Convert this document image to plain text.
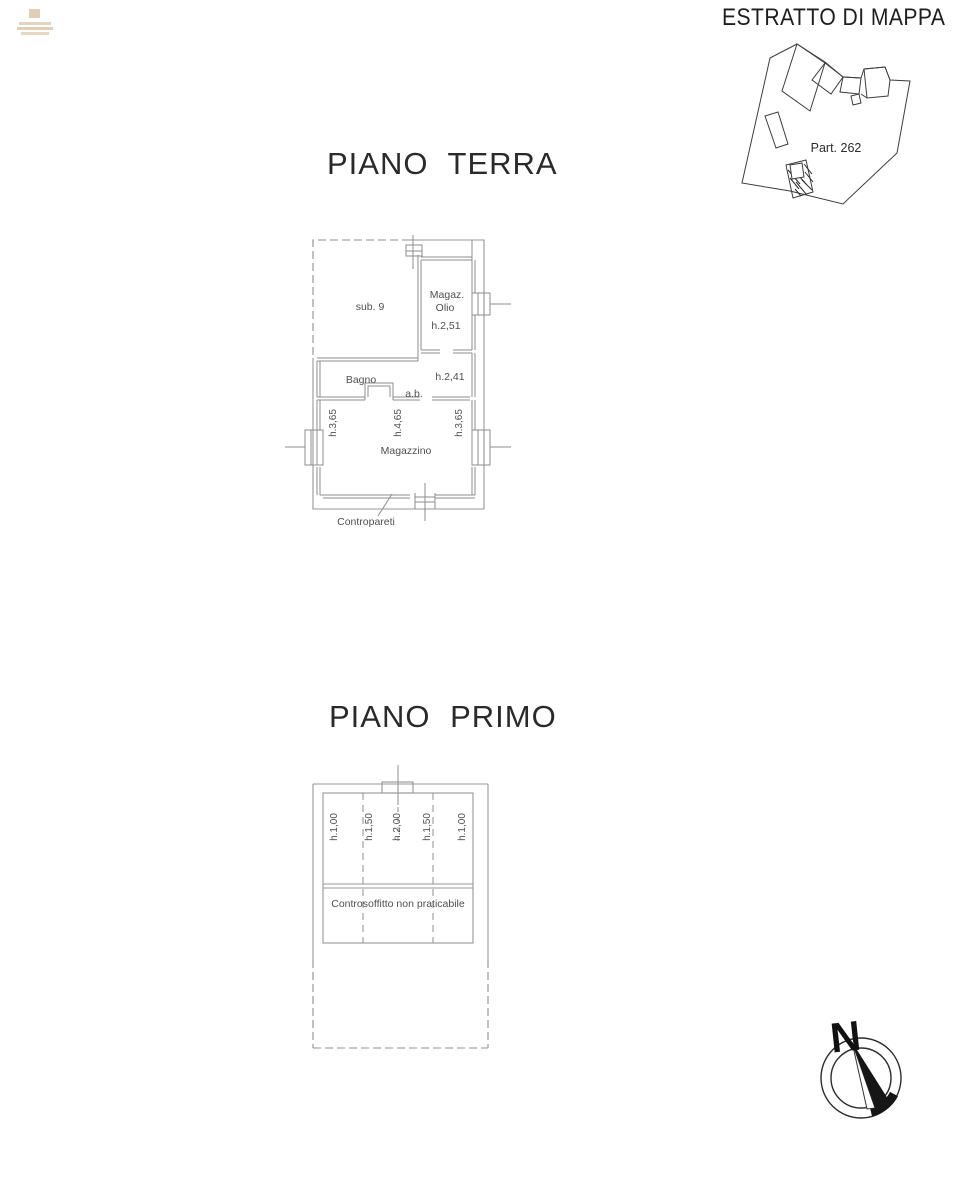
ESTRATTO DI MAPPA
Part. 262
PIANO TERRA
sub. 9
Magaz.
Olio
h.2,51
Bagno
a.b.
h.2,41
h.3,65	h.4,65	h.3,65
Magazzino
Contropareti
PIANO PRIMO
h.1,00 h.1,50 h.2,00 h.1,50 h.1,00
Controsoffitto non praticabile
N
